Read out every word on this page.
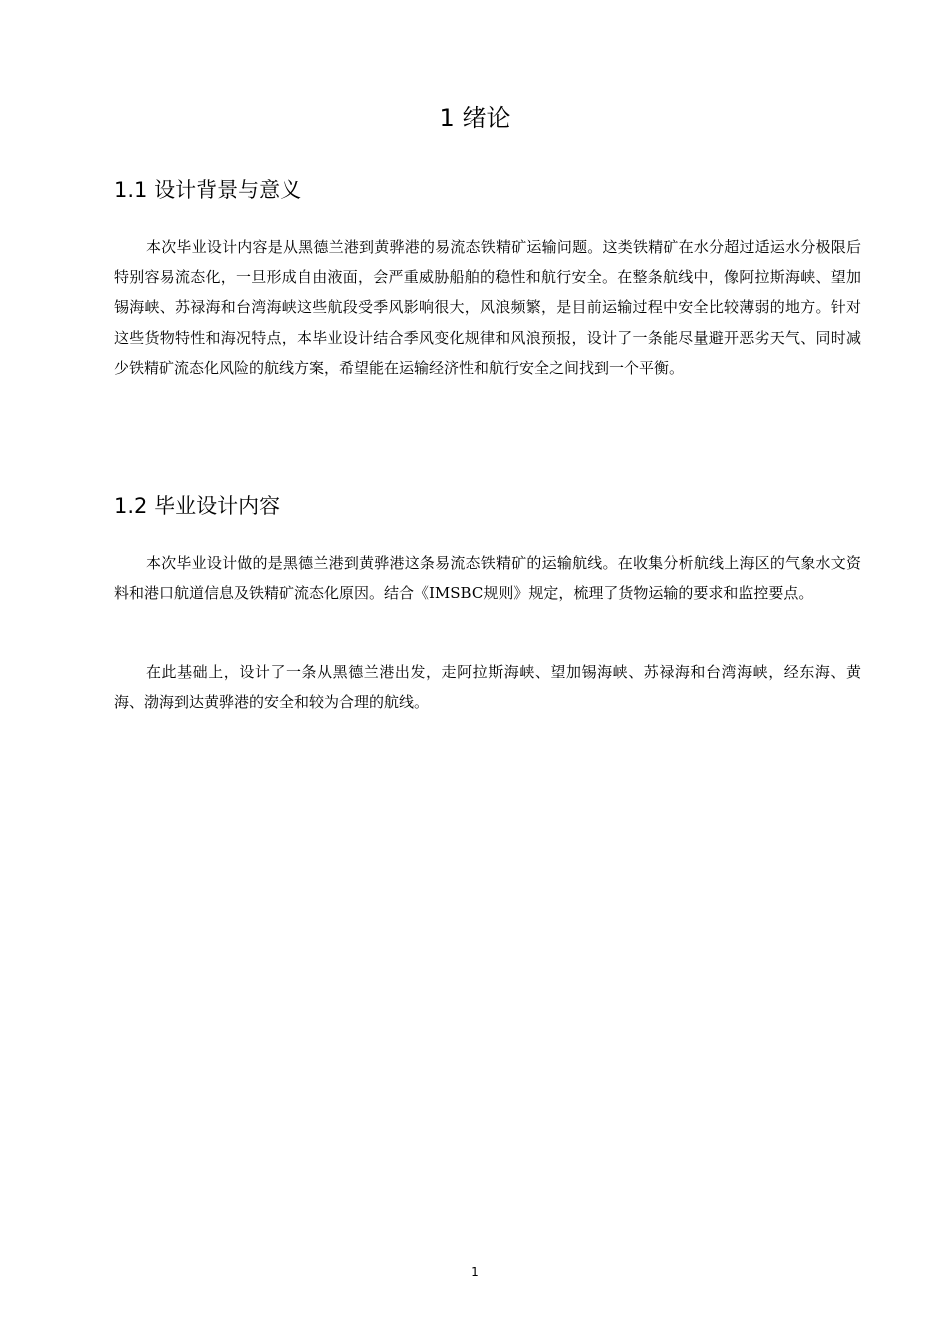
1 绪论
1.1 设计背景与意义

本次毕业设计内容是从黑德兰港到黄骅港的易流态铁精矿运输问题。这类铁精矿在水分超过适运水分极限后特别容易流态化，一旦形成自由液面，会严重威胁船舶的稳性和航行安全。在整条航线中，像阿拉斯海峡、望加锡海峡、苏禄海和台湾海峡这些航段受季风影响很大，风浪频繁，是目前运输过程中安全比较薄弱的地方。针对这些货物特性和海况特点，本毕业设计结合季风变化规律和风浪预报，设计了一条能尽量避开恶劣天气、同时减少铁精矿流态化风险的航线方案，希望能在运输经济性和航行安全之间找到一个平衡。

1.2 毕业设计内容

本次毕业设计做的是黑德兰港到黄骅港这条易流态铁精矿的运输航线。在收集分析航线上海区的气象水文资料和港口航道信息及铁精矿流态化原因。结合《IMSBC规则》规定，梳理了货物运输的要求和监控要点。

在此基础上，设计了一条从黑德兰港出发，走阿拉斯海峡、望加锡海峡、苏禄海和台湾海峡，经东海、黄海、渤海到达黄骅港的安全和较为合理的航线。

1
